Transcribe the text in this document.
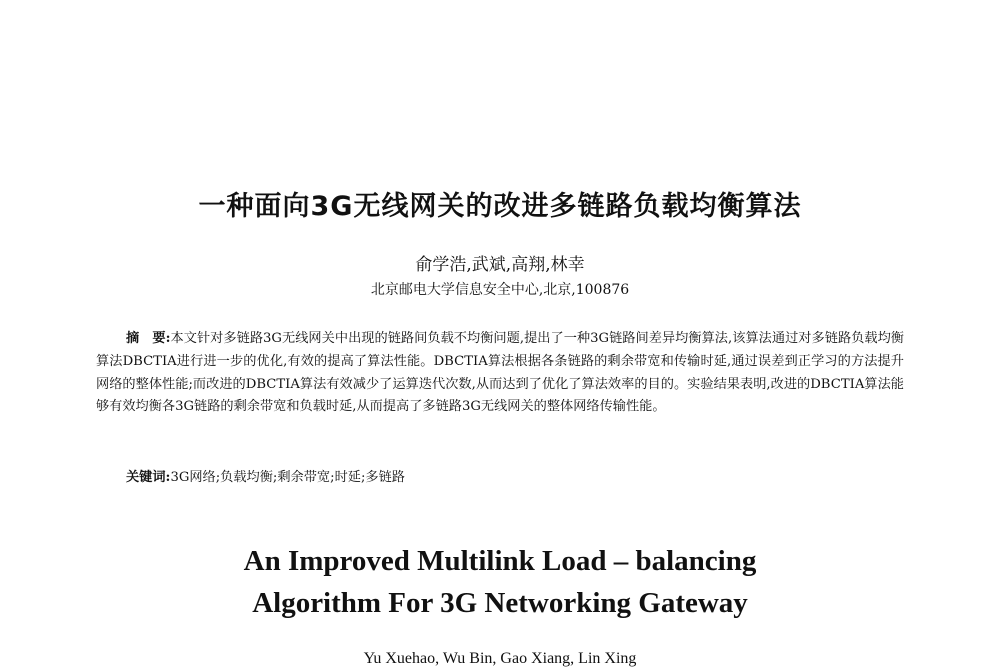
一种面向3G无线网关的改进多链路负载均衡算法
俞学浩,武斌,高翔,林幸
北京邮电大学信息安全中心,北京,100876
摘　要:本文针对多链路3G无线网关中出现的链路间负载不均衡问题,提出了一种3G链路间差异均衡算法,该算法通过对多链路负载均衡算法DBCTIA进行进一步的优化,有效的提高了算法性能。DBCTIA算法根据各条链路的剩余带宽和传输时延,通过误差到正学习的方法提升网络的整体性能;而改进的DBCTIA算法有效减少了运算迭代次数,从而达到了优化了算法效率的目的。实验结果表明,改进的DBCTIA算法能够有效均衡各3G链路的剩余带宽和负载时延,从而提高了多链路3G无线网关的整体网络传输性能。
关键词:3G网络;负载均衡;剩余带宽;时延;多链路
An Improved Multilink Load – balancing
Algorithm For 3G Networking Gateway
Yu Xuehao, Wu Bin, Gao Xiang, Lin Xing
